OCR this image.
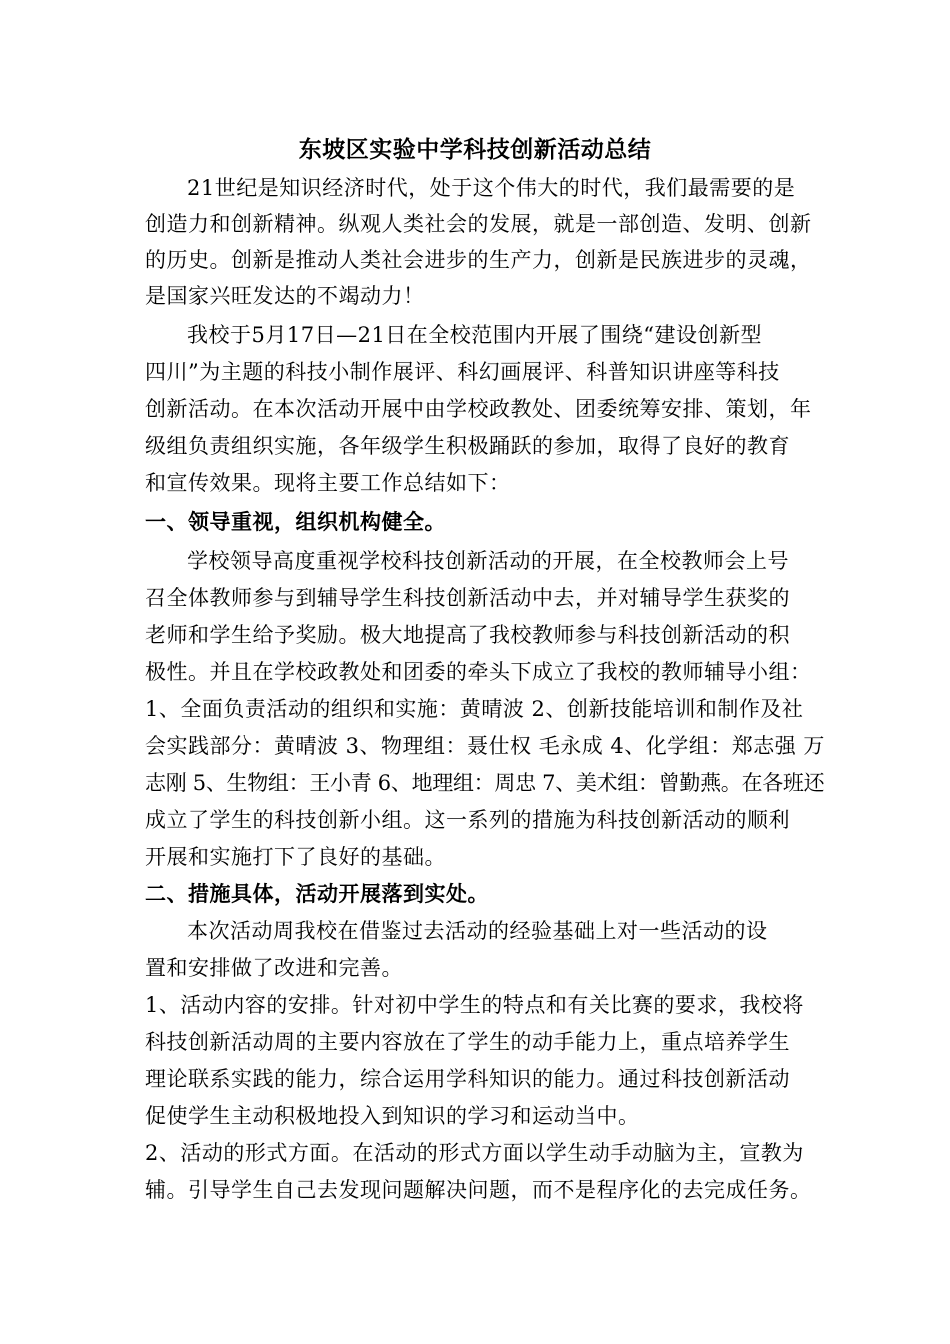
东坡区实验中学科技创新活动总结
21世纪是知识经济时代，处于这个伟大的时代，我们最需要的是
创造力和创新精神。纵观人类社会的发展，就是一部创造、发明、创新
的历史。创新是推动人类社会进步的生产力，创新是民族进步的灵魂，
是国家兴旺发达的不竭动力！
我校于5月17日—21日在全校范围内开展了围绕“建设创新型
四川”为主题的科技小制作展评、科幻画展评、科普知识讲座等科技
创新活动。在本次活动开展中由学校政教处、团委统筹安排、策划，年
级组负责组织实施，各年级学生积极踊跃的参加，取得了良好的教育
和宣传效果。现将主要工作总结如下：
一、领导重视，组织机构健全。
学校领导高度重视学校科技创新活动的开展，在全校教师会上号
召全体教师参与到辅导学生科技创新活动中去，并对辅导学生获奖的
老师和学生给予奖励。极大地提高了我校教师参与科技创新活动的积
极性。并且在学校政教处和团委的牵头下成立了我校的教师辅导小组：
1、全面负责活动的组织和实施：黄晴波 2、创新技能培训和制作及社
会实践部分：黄晴波 3、物理组：聂仕权 毛永成 4、化学组：郑志强 万
志刚 5、生物组：王小青 6、地理组：周忠 7、美术组：曾勤燕。在各班还
成立了学生的科技创新小组。这一系列的措施为科技创新活动的顺利
开展和实施打下了良好的基础。
二、措施具体，活动开展落到实处。
本次活动周我校在借鉴过去活动的经验基础上对一些活动的设
置和安排做了改进和完善。
1、活动内容的安排。针对初中学生的特点和有关比赛的要求，我校将
科技创新活动周的主要内容放在了学生的动手能力上，重点培养学生
理论联系实践的能力，综合运用学科知识的能力。通过科技创新活动
促使学生主动积极地投入到知识的学习和运动当中。
2、活动的形式方面。在活动的形式方面以学生动手动脑为主，宣教为
辅。引导学生自己去发现问题解决问题，而不是程序化的去完成任务。
